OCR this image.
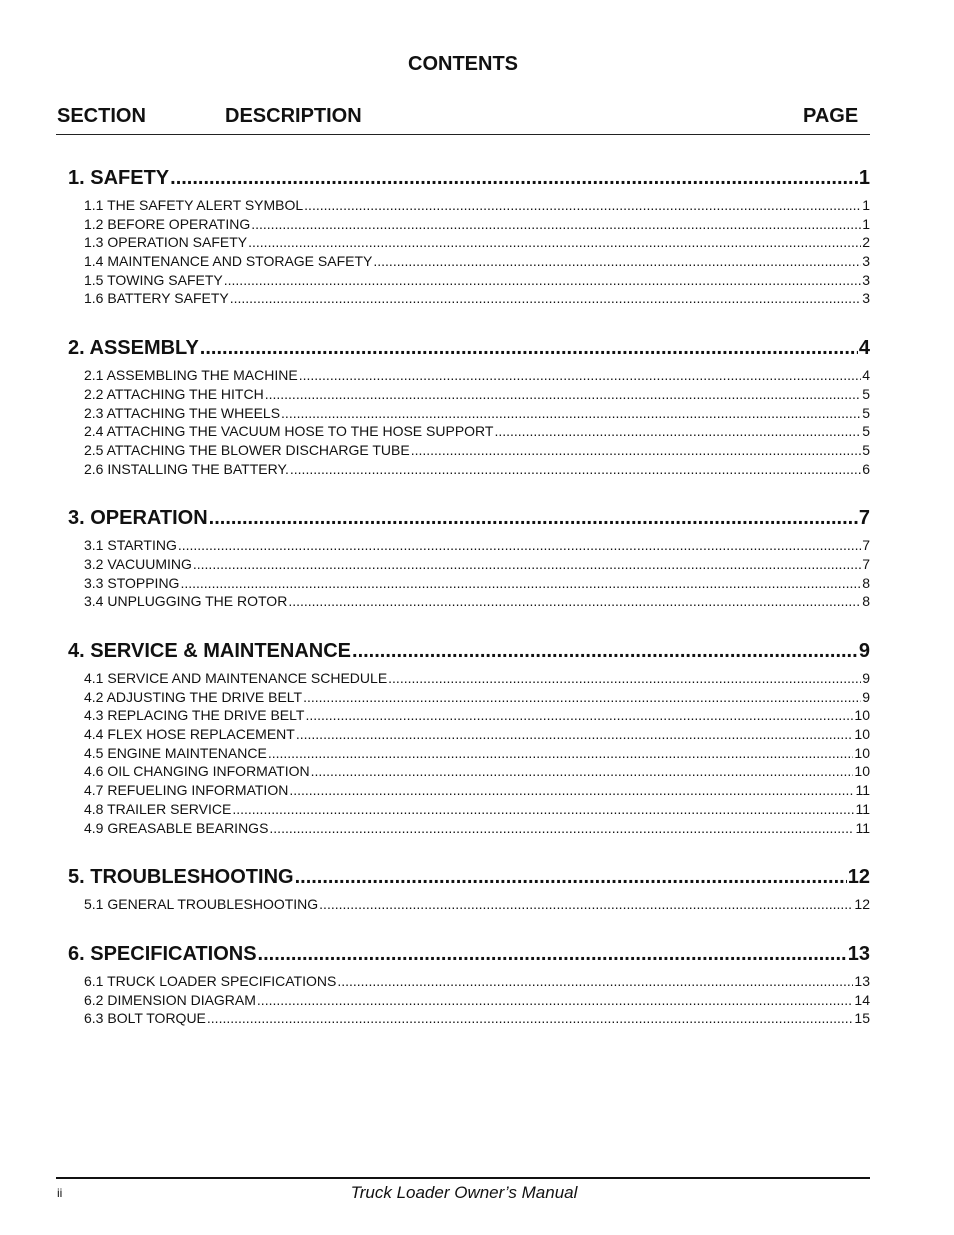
CONTENTS
SECTION	DESCRIPTION	PAGE
1. SAFETY .....	1
1.1 THE SAFETY ALERT SYMBOL .....	1
1.2 BEFORE OPERATING .....	1
1.3 OPERATION SAFETY .....	2
1.4 MAINTENANCE AND STORAGE SAFETY .....	3
1.5 TOWING SAFETY .....	3
1.6 BATTERY SAFETY .....	3
2. ASSEMBLY .....	4
2.1 ASSEMBLING THE MACHINE .....	4
2.2 ATTACHING THE HITCH .....	5
2.3 ATTACHING THE WHEELS .....	5
2.4 ATTACHING THE VACUUM HOSE TO THE HOSE SUPPORT .....	5
2.5 ATTACHING THE BLOWER DISCHARGE TUBE .....	5
2.6 INSTALLING THE BATTERY. .....	6
3. OPERATION .....	7
3.1 STARTING .....	7
3.2 VACUUMING .....	7
3.3 STOPPING .....	8
3.4 UNPLUGGING THE ROTOR .....	8
4. SERVICE & MAINTENANCE .....	9
4.1 SERVICE AND MAINTENANCE SCHEDULE .....	9
4.2 ADJUSTING THE DRIVE BELT .....	9
4.3 REPLACING THE DRIVE BELT .....	10
4.4 FLEX HOSE REPLACEMENT .....	10
4.5 ENGINE MAINTENANCE .....	10
4.6 OIL CHANGING INFORMATION .....	10
4.7 REFUELING INFORMATION .....	11
4.8 TRAILER SERVICE .....	11
4.9 GREASABLE BEARINGS .....	11
5. TROUBLESHOOTING .....	12
5.1 GENERAL TROUBLESHOOTING .....	12
6. SPECIFICATIONS .....	13
6.1 TRUCK LOADER SPECIFICATIONS .....	13
6.2 DIMENSION DIAGRAM .....	14
6.3 BOLT TORQUE .....	15
ii	Truck Loader Owner’s Manual
